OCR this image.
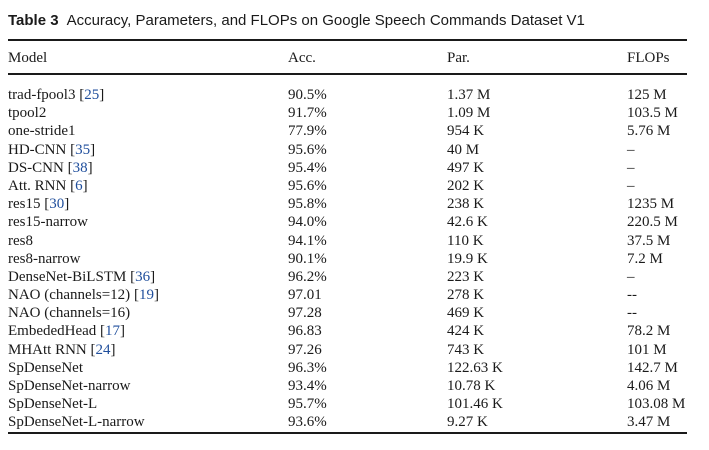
Table 3 Accuracy, Parameters, and FLOPs on Google Speech Commands Dataset V1
Model	Acc.	Par.	FLOPs
trad-fpool3 [25]	90.5%	1.37 M	125 M
tpool2	91.7%	1.09 M	103.5 M
one-stride1	77.9%	954 K	5.76 M
HD-CNN [35]	95.6%	40 M	–
DS-CNN [38]	95.4%	497 K	–
Att. RNN [6]	95.6%	202 K	–
res15 [30]	95.8%	238 K	1235 M
res15-narrow	94.0%	42.6 K	220.5 M
res8	94.1%	110 K	37.5 M
res8-narrow	90.1%	19.9 K	7.2 M
DenseNet-BiLSTM [36]	96.2%	223 K	–
NAO (channels=12) [19]	97.01	278 K	--
NAO (channels=16)	97.28	469 K	--
EmbededHead [17]	96.83	424 K	78.2 M
MHAtt RNN [24]	97.26	743 K	101 M
SpDenseNet	96.3%	122.63 K	142.7 M
SpDenseNet-narrow	93.4%	10.78 K	4.06 M
SpDenseNet-L	95.7%	101.46 K	103.08 M
SpDenseNet-L-narrow	93.6%	9.27 K	3.47 M
